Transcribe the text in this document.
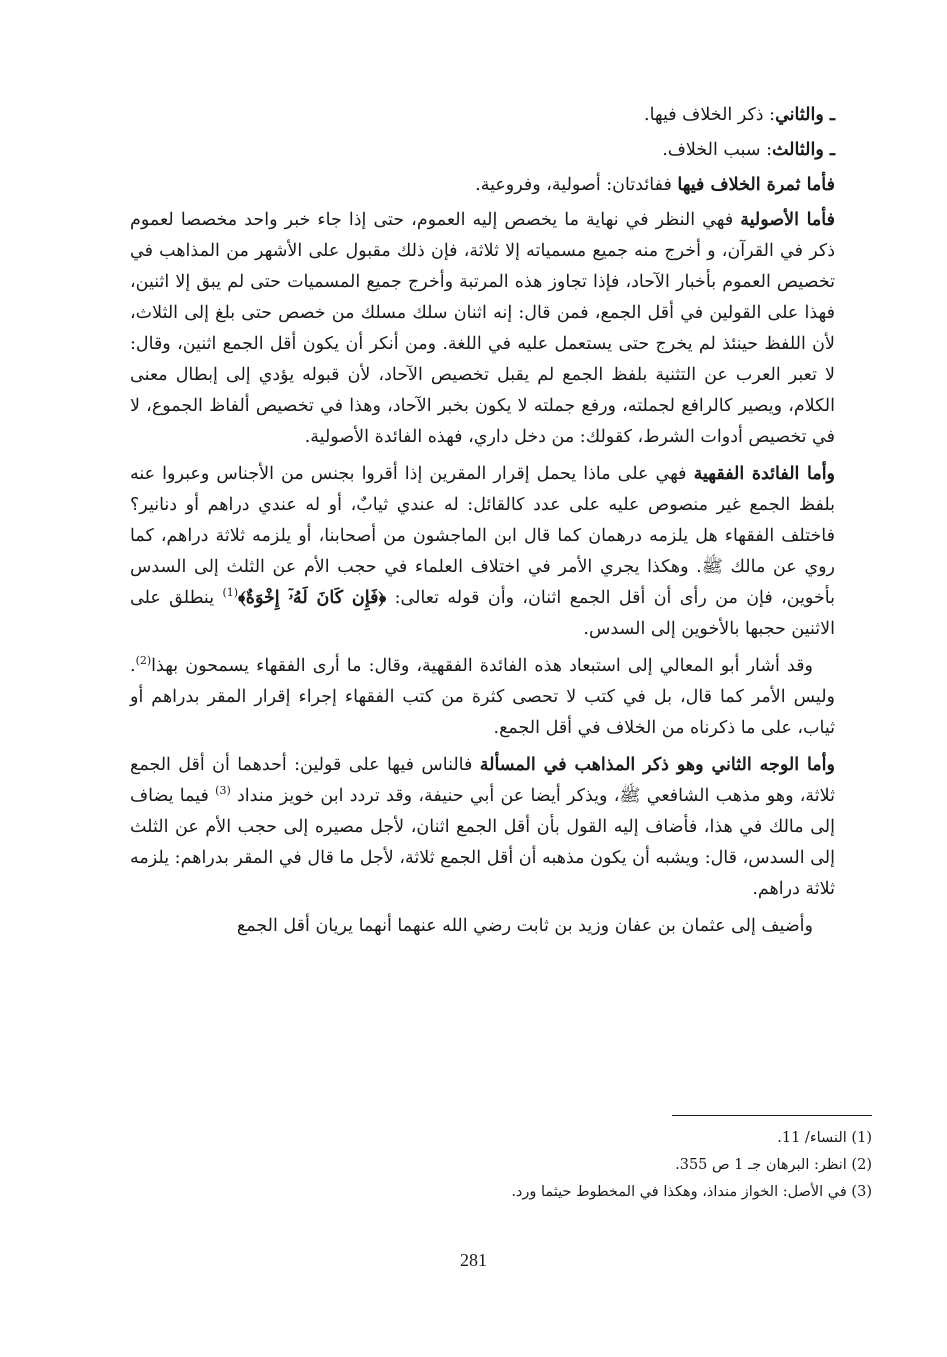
ـ والثاني: ذكر الخلاف فيها.

ـ والثالث: سبب الخلاف.

فأما ثمرة الخلاف فيها ففائدتان: أصولية، وفروعية.

فأما الأصولية فهي النظر في نهاية ما يخصص إليه العموم، حتى إذا جاء خبر واحد مخصصا لعموم ذكر في القرآن، و أخرج منه جميع مسمياته إلا ثلاثة، فإن ذلك مقبول على الأشهر من المذاهب في تخصيص العموم بأخبار الآحاد، فإذا تجاوز هذه المرتبة وأخرج جميع المسميات حتى لم يبق إلا اثنين، فهذا على القولين في أقل الجمع، فمن قال: إنه اثنان سلك مسلك من خصص حتى بلغ إلى الثلاث، لأن اللفظ حينئذ لم يخرج حتى يستعمل عليه في اللغة. ومن أنكر أن يكون أقل الجمع اثنين، وقال: لا تعبر العرب عن التثنية بلفظ الجمع لم يقبل تخصيص الآحاد، لأن قبوله يؤدي إلى إبطال معنى الكلام، ويصير كالرافع لجملته، ورفع جملته لا يكون بخبر الآحاد، وهذا في تخصيص ألفاظ الجموع، لا في تخصيص أدوات الشرط، كقولك: من دخل داري، فهذه الفائدة الأصولية.

وأما الفائدة الفقهية فهي على ماذا يحمل إقرار المقرين إذا أقروا بجنس من الأجناس وعبروا عنه بلفظ الجمع غير منصوص عليه على عدد كالقائل: له عندي ثيابٌ، أو له عندي دراهم أو دنانير؟ فاختلف الفقهاء هل يلزمه درهمان كما قال ابن الماجشون من أصحابنا، أو يلزمه ثلاثة دراهم، كما روي عن مالك ﷺ. وهكذا يجري الأمر في اختلاف العلماء في حجب الأم عن الثلث إلى السدس بأخوين، فإن من رأى أن أقل الجمع اثنان، وأن قوله تعالى: ﴿فَإِن كَانَ لَهُۥٓ إِخْوَةٌ﴾$^{(1)}$ ينطلق على الاثنين حجبها بالأخوين إلى السدس.

وقد أشار أبو المعالي إلى استبعاد هذه الفائدة الفقهية، وقال: ما أرى الفقهاء يسمحون بهذا$^{(2)}$. وليس الأمر كما قال، بل في كتب لا تحصى كثرة من كتب الفقهاء إجراء إقرار المقر بدراهم أو ثياب، على ما ذكرناه من الخلاف في أقل الجمع.

وأما الوجه الثاني وهو ذكر المذاهب في المسألة فالناس فيها على قولين: أحدهما أن أقل الجمع ثلاثة، وهو مذهب الشافعي ﷺ، ويذكر أيضا عن أبي حنيفة، وقد تردد ابن خويز منداد $^{(3)}$ فيما يضاف إلى مالك في هذا، فأضاف إليه القول بأن أقل الجمع اثنان، لأجل مصيره إلى حجب الأم عن الثلث إلى السدس، قال: ويشبه أن يكون مذهبه أن أقل الجمع ثلاثة، لأجل ما قال في المقر بدراهم: يلزمه ثلاثة دراهم.

وأضيف إلى عثمان بن عفان وزيد بن ثابت رضي الله عنهما أنهما يريان أقل الجمع

(1) النساء/ 11.

(2) انظر: البرهان جـ 1 ص 355.

(3) في الأصل: الخواز منداذ، وهكذا في المخطوط حيثما ورد.

281
